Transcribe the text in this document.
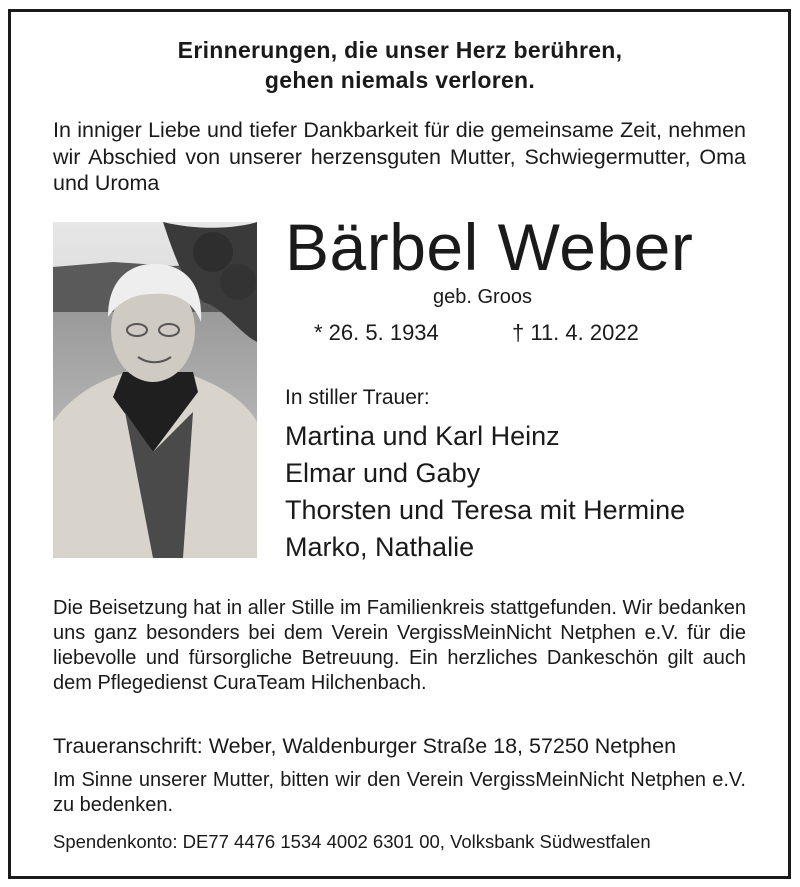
Erinnerungen, die unser Herz berühren,
gehen niemals verloren.
In inniger Liebe und tiefer Dankbarkeit für die gemeinsame Zeit, nehmen wir Abschied von unserer herzensguten Mutter, Schwiegermutter, Oma und Uroma
Bärbel Weber
geb. Groos
* 26. 5. 1934	† 11. 4. 2022
In stiller Trauer:
Martina und Karl Heinz
Elmar und Gaby
Thorsten und Teresa mit Hermine
Marko, Nathalie
Die Beisetzung hat in aller Stille im Familienkreis stattgefunden. Wir bedanken uns ganz besonders bei dem Verein VergissMeinNicht Netphen e.V. für die liebevolle und fürsorgliche Betreuung. Ein herzliches Dankeschön gilt auch dem Pflegedienst CuraTeam Hilchenbach.
Traueranschrift: Weber, Waldenburger Straße 18, 57250 Netphen
Im Sinne unserer Mutter, bitten wir den Verein VergissMeinNicht Netphen e.V. zu bedenken.
Spendenkonto: DE77 4476 1534 4002 6301 00, Volksbank Südwestfalen
